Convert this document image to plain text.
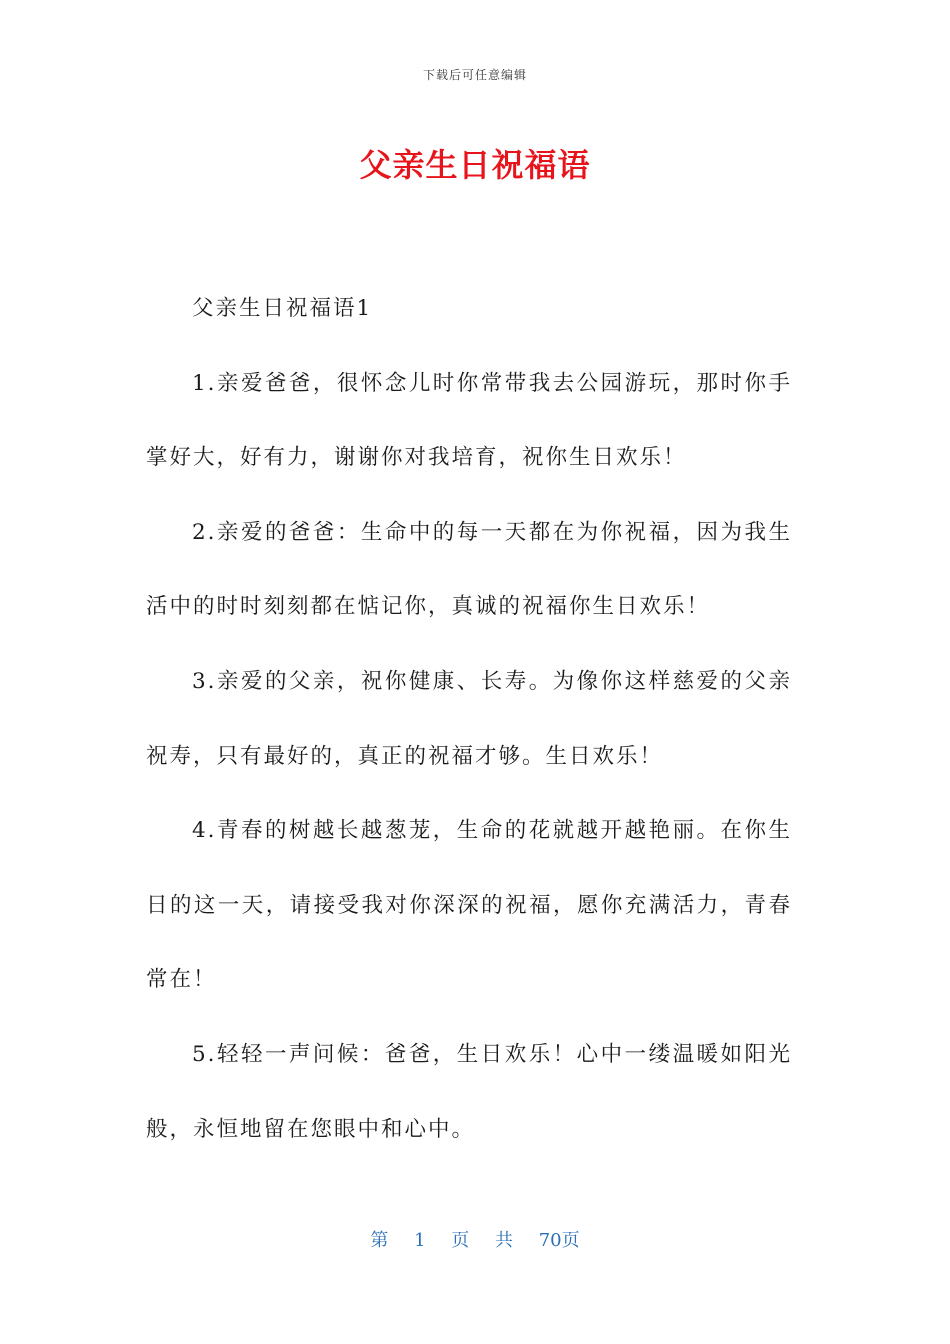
下载后可任意编辑
父亲生日祝福语

父亲生日祝福语1

1.亲爱爸爸，很怀念儿时你常带我去公园游玩，那时你手掌好大，好有力，谢谢你对我培育，祝你生日欢乐！

2.亲爱的爸爸：生命中的每一天都在为你祝福，因为我生活中的时时刻刻都在惦记你，真诚的祝福你生日欢乐！

3.亲爱的父亲，祝你健康、长寿。为像你这样慈爱的父亲祝寿，只有最好的，真正的祝福才够。生日欢乐！

4.青春的树越长越葱茏，生命的花就越开越艳丽。在你生日的这一天，请接受我对你深深的祝福，愿你充满活力，青春常在！

5.轻轻一声问候：爸爸，生日欢乐！心中一缕温暖如阳光般，永恒地留在您眼中和心中。

第 1 页 共 70页
